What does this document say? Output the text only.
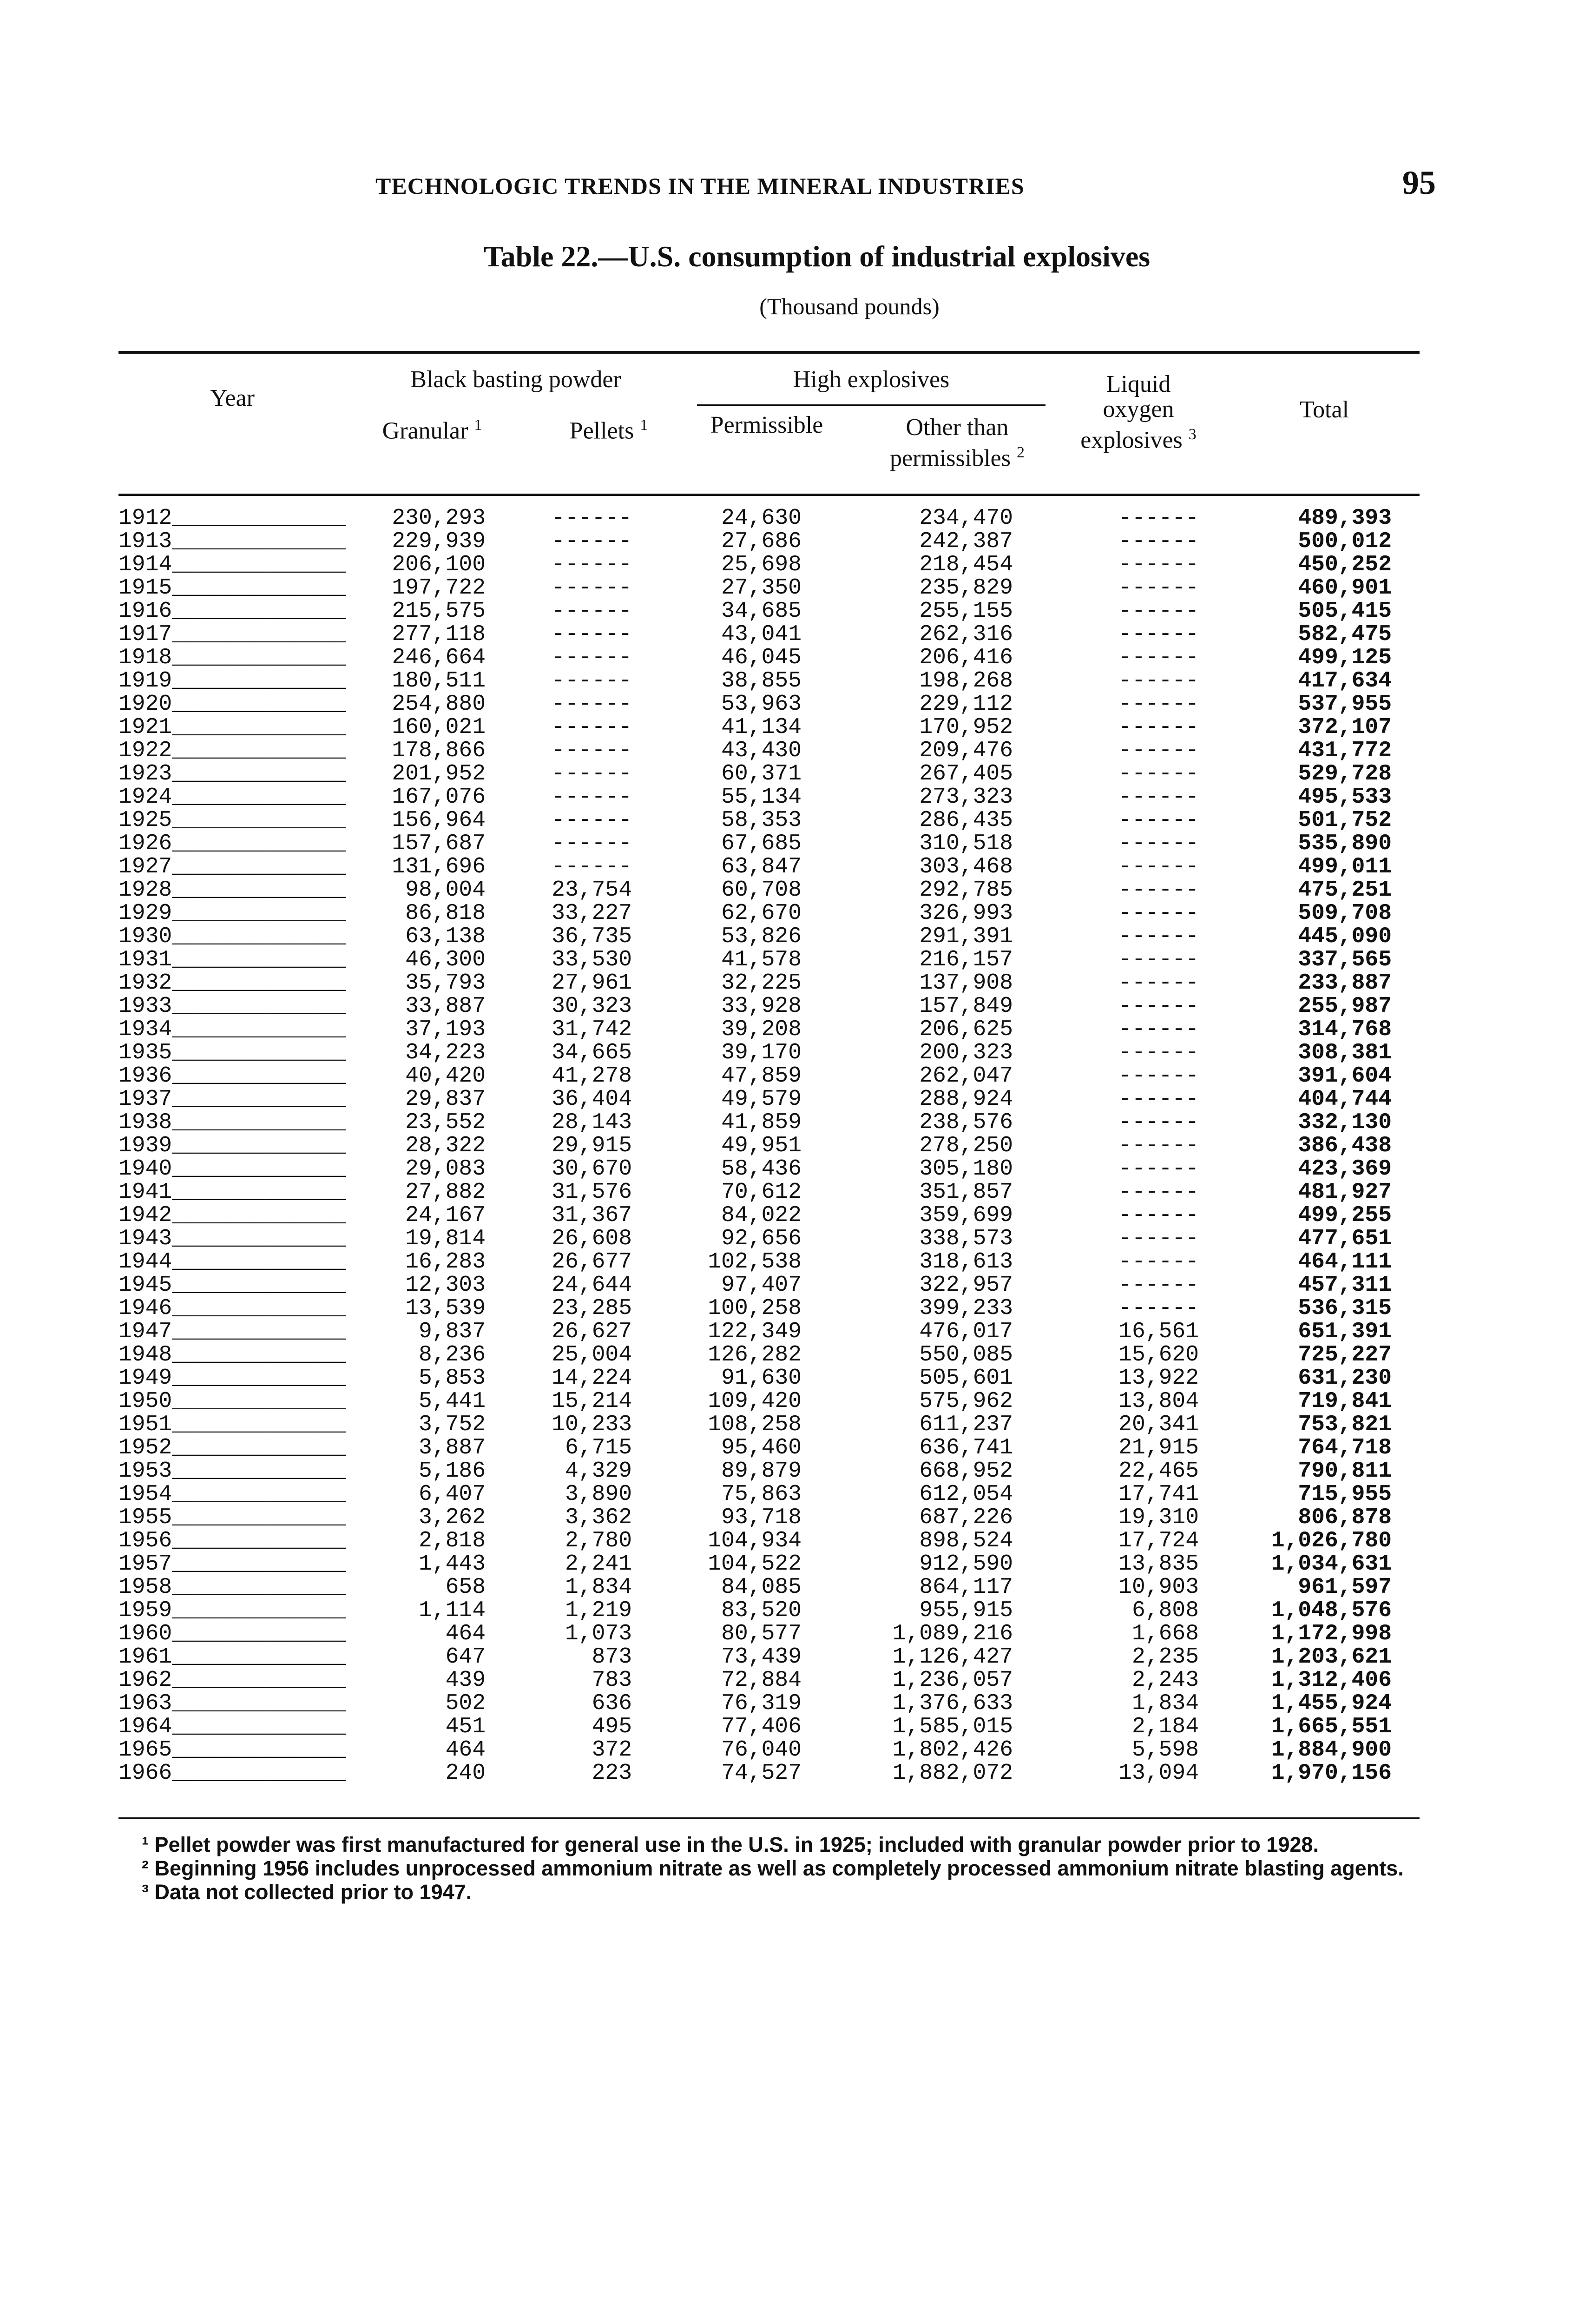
TECHNOLOGIC TRENDS IN THE MINERAL INDUSTRIES	95
Table 22.—U.S. consumption of industrial explosives
(Thousand pounds)
Year
Black basting powder
Granular $^1$	Pellets $^1$
High explosives
Permissible	Other than
permissibles $^2$
Liquid
oxygen
explosives $^3$
Total
1912_____________	230,293	------	24,630	234,470	------	489,393
1913_____________	229,939	------	27,686	242,387	------	500,012
1914_____________	206,100	------	25,698	218,454	------	450,252
1915_____________	197,722	------	27,350	235,829	------	460,901
1916_____________	215,575	------	34,685	255,155	------	505,415
1917_____________	277,118	------	43,041	262,316	------	582,475
1918_____________	246,664	------	46,045	206,416	------	499,125
1919_____________	180,511	------	38,855	198,268	------	417,634
1920_____________	254,880	------	53,963	229,112	------	537,955
1921_____________	160,021	------	41,134	170,952	------	372,107
1922_____________	178,866	------	43,430	209,476	------	431,772
1923_____________	201,952	------	60,371	267,405	------	529,728
1924_____________	167,076	------	55,134	273,323	------	495,533
1925_____________	156,964	------	58,353	286,435	------	501,752
1926_____________	157,687	------	67,685	310,518	------	535,890
1927_____________	131,696	------	63,847	303,468	------	499,011
1928_____________	98,004	23,754	60,708	292,785	------	475,251
1929_____________	86,818	33,227	62,670	326,993	------	509,708
1930_____________	63,138	36,735	53,826	291,391	------	445,090
1931_____________	46,300	33,530	41,578	216,157	------	337,565
1932_____________	35,793	27,961	32,225	137,908	------	233,887
1933_____________	33,887	30,323	33,928	157,849	------	255,987
1934_____________	37,193	31,742	39,208	206,625	------	314,768
1935_____________	34,223	34,665	39,170	200,323	------	308,381
1936_____________	40,420	41,278	47,859	262,047	------	391,604
1937_____________	29,837	36,404	49,579	288,924	------	404,744
1938_____________	23,552	28,143	41,859	238,576	------	332,130
1939_____________	28,322	29,915	49,951	278,250	------	386,438
1940_____________	29,083	30,670	58,436	305,180	------	423,369
1941_____________	27,882	31,576	70,612	351,857	------	481,927
1942_____________	24,167	31,367	84,022	359,699	------	499,255
1943_____________	19,814	26,608	92,656	338,573	------	477,651
1944_____________	16,283	26,677	102,538	318,613	------	464,111
1945_____________	12,303	24,644	97,407	322,957	------	457,311
1946_____________	13,539	23,285	100,258	399,233	------	536,315
1947_____________	9,837	26,627	122,349	476,017	16,561	651,391
1948_____________	8,236	25,004	126,282	550,085	15,620	725,227
1949_____________	5,853	14,224	91,630	505,601	13,922	631,230
1950_____________	5,441	15,214	109,420	575,962	13,804	719,841
1951_____________	3,752	10,233	108,258	611,237	20,341	753,821
1952_____________	3,887	6,715	95,460	636,741	21,915	764,718
1953_____________	5,186	4,329	89,879	668,952	22,465	790,811
1954_____________	6,407	3,890	75,863	612,054	17,741	715,955
1955_____________	3,262	3,362	93,718	687,226	19,310	806,878
1956_____________	2,818	2,780	104,934	898,524	17,724	1,026,780
1957_____________	1,443	2,241	104,522	912,590	13,835	1,034,631
1958_____________	658	1,834	84,085	864,117	10,903	961,597
1959_____________	1,114	1,219	83,520	955,915	6,808	1,048,576
1960_____________	464	1,073	80,577	1,089,216	1,668	1,172,998
1961_____________	647	873	73,439	1,126,427	2,235	1,203,621
1962_____________	439	783	72,884	1,236,057	2,243	1,312,406
1963_____________	502	636	76,319	1,376,633	1,834	1,455,924
1964_____________	451	495	77,406	1,585,015	2,184	1,665,551
1965_____________	464	372	76,040	1,802,426	5,598	1,884,900
1966_____________	240	223	74,527	1,882,072	13,094	1,970,156
¹ Pellet powder was first manufactured for general use in the U.S. in 1925; included with granular powder prior to 1928.
² Beginning 1956 includes unprocessed ammonium nitrate as well as completely processed ammonium nitrate blasting agents.
³ Data not collected prior to 1947.
